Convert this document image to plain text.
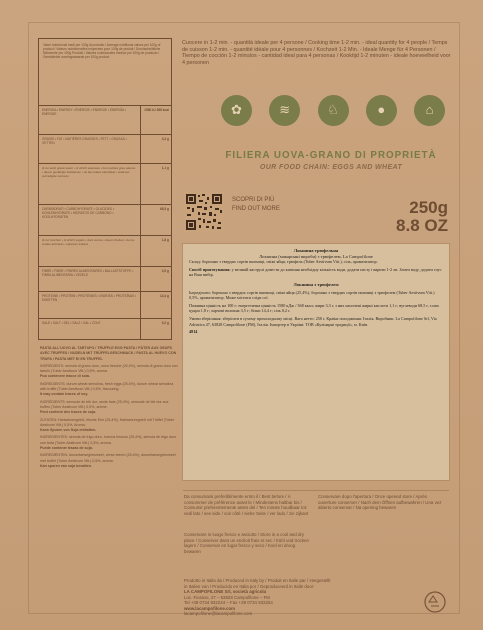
Valori nutrizionali medi per 100g di prodotto / Average nutritional values per 100g of product / Valeurs nutritionnelles moyennes pour 100g de produit / Durchschnittliche Nährwerte pro 100g Produkt / Valores nutricionales medios por 100g de producto / Gemiddelde voedingswaarde per 100g product
ENERGIA • ENERGY • ÉNERGIE • ENERGIE • ENERGÍA • ENERGIE
1580 kJ 368 kcal
GRASSI • FAT • MATIÈRES GRASSES • FETT • GRASAS • VETTEN
3,3 g
di cui acidi grassi saturi • of which saturates • dont acides gras saturés • davon gesättigte Fettsäuren • de las cuales saturadas • waarvan verzadigde vetzuren
1,1 g
CARBOIDRATI • CARBOHYDRATE • GLUCIDES • KOHLENHYDRATE • HIDRATOS DE CARBONO • KOOLHYDRATEN
68,5 g
di cui zuccheri • of which sugars • dont sucres • davon Zucker • de los cuales azúcares • waarvan suikers
1,8 g
FIBRE • FIBRE • FIBRES ALIMENTAIRES • BALLASTSTOFFE • FIBRA ALIMENTARIA • VEZELS
3,5 g
PROTEINE • PROTEIN • PROTÉINES • EIWEISS • PROTEÍNAS • EIWITTEN
14,4 g
SALE • SALT • SEL • SALZ • SAL • ZOUT	0,2 g
PASTA ALL'UOVO AL TARTUFO / TRUFFLE EGG PASTA / PÂTES AUX OEUFS AVEC TRUFFES / NUDELN MIT TRÜFFELGESCHMACK / PASTA AL HUEVO CON TRUFA / PASTA MET EI EN TRUFFEL
INGREDIENTI: semola di grano duro, uova fresche (25,4%), semola di grano duro con tartufo (Tuber Aestivum Vitt.) 0,5%, aroma.
Può contenere tracce di soia.
INGREDIENTS: durum wheat semolina, fresh eggs (25,4%), durum wheat semolina with truffle (Tuber Aestivum Vitt.) 0,5%, flavouring.
It may contain traces of soy.
INGRÉDIENTS: semoule de blé dur, oeufs frais (25,4%), semoule de blé dur aux truffes (Tuber Aestivum Vitt.) 0,5%, arôme.
Peut contenir des traces de soja.
ZUTATEN: Hartweizengrieß, frische Eier (25,4%), Hartweizengrieß mit Trüffel (Tuber Aestivum Vitt.) 0,5%, Aroma.
Kann Spuren von Soja enthalten.
INGREDIENTES: sémola de trigo duro, huevos frescos (25,4%), sémola de trigo duro con trufa (Tuber Aestivum Vitt.) 0,5%, aroma.
Puede contener trazas de soja.
INGREDIËNTEN: durumtarwegriesmeel, verse eieren (25,4%), durumtarwegriesmeel met truffel (Tuber Aestivum Vitt.) 0,5%, aroma.
Kan sporen van soja bevatten.
Cuocere in 1-2 min. - quantità ideale per 4 persone / Cooking time 1-2 min. - ideal quantity for 4 people / Temps de cuisson 1-2 min. - quantité idéale pour 4 personnes / Kochzeit 1-2 Min. - Ideale Menge für 4 Personen / Tiempo de cocción 1-2 minutos - cantidad ideal para 4 personas / Kooktijd 1-2 minuten - ideale hoeveelheid voor 4 personen
✿	≋	♘	●	⌂
FILIERA UOVA-GRANO DI PROPRIETÀ
OUR FOOD CHAIN: EGGS AND WHEAT
SCOPRI DI PIÙ
FIND OUT MORE	250g
8.8 OZ
Локшина трюфельна
Локшина (макаронні вироби) з трюфелем, La Campofilone
Склад: борошно з твердих сортів пшениці, свіжі яйця, трюфель (Tuber Aestivum Vitt.), сіль, ароматизатор.
Спосіб приготування: у великій каструлі довести до кипіння необхідну кількість води, додати пасту і варити 1-2 хв. Злити воду, додати соус на Ваш вибір.
Локшина з трюфелем
Інгредієнти: борошно з твердих сортів пшениці, свіжі яйця (25,4%), борошно з твердих сортів пшениці з трюфелем (Tuber Aestivum Vitt.) 0,5%, ароматизатор. Може містити сліди сої.
Поживна цінність на 100 г: енергетична цінність 1580 кДж / 368 ккал; жири 3,3 г, з них насичені жирні кислоти 1,1 г; вуглеводи 68,5 г, з них цукри 1,8 г; харчові волокна 3,5 г; білки 14,4 г; сіль 0,2 г.
Умови зберігання: зберігати в сухому прохолодному місці. Вага нетто: 250 г. Країна походження: Італія. Виробник: La Campofilone Srl, Via Adriatica 47, 63828 Campofilone (FM), Італія. Імпортер в Україні: ТОВ «Кулінарні традиції», м. Київ.
4814
Da consumarsi preferibilmente entro il / Best before / À consommer de préférence avant le / Mindestens haltbar bis / Consumir preferentemente antes del / Ten minste houdbaar tot: vedi lato / see side / voir côté / siehe Seite / ver lado / zie zijkant
Conservare in luogo fresco e asciutto / Store in a cool and dry place / Conserver dans un endroit frais et sec / Kühl und trocken lagern / Conservar en lugar fresco y seco / Koel en droog bewaren
Conservare dopo l'apertura / Once opened store / Après ouverture conserver / Nach dem Öffnen aufbewahren / Una vez abierto conservar / Na opening bewaren
Prodotto in Italia da / Produced in Italy by / Produit en Italie par / Hergestellt in Italien von / Producido en Italia por / Geproduceerd in Italië door:
LA CAMPOFILONE Srl, società agricola
Loc. Fiorano, 27 – 63828 Campofilone – FM
Tel +39 0734 932244 – Fax +39 0734 932254
www.lacampofilone.com
lacampofilone@lacampofilone.com
